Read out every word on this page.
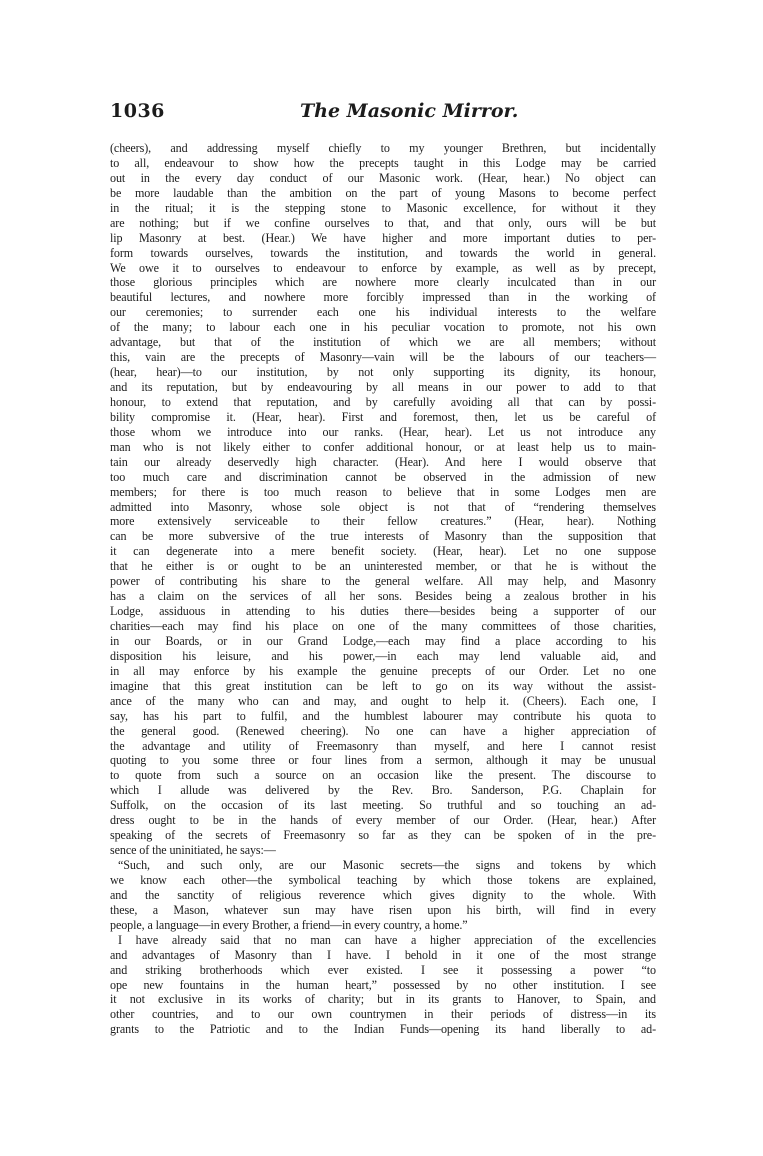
1036	The Masonic Mirror.
(cheers), and addressing myself chiefly to my younger Brethren, but incidentally
to all, endeavour to show how the precepts taught in this Lodge may be carried
out in the every day conduct of our Masonic work. (Hear, hear.) No object can
be more laudable than the ambition on the part of young Masons to become perfect
in the ritual; it is the stepping stone to Masonic excellence, for without it they
are nothing; but if we confine ourselves to that, and that only, ours will be but
lip Masonry at best. (Hear.) We have higher and more important duties to per-
form towards ourselves, towards the institution, and towards the world in general.
We owe it to ourselves to endeavour to enforce by example, as well as by precept,
those glorious principles which are nowhere more clearly inculcated than in our
beautiful lectures, and nowhere more forcibly impressed than in the working of
our ceremonies; to surrender each one his individual interests to the welfare
of the many; to labour each one in his peculiar vocation to promote, not his own
advantage, but that of the institution of which we are all members; without
this, vain are the precepts of Masonry—vain will be the labours of our teachers—
(hear, hear)—to our institution, by not only supporting its dignity, its honour,
and its reputation, but by endeavouring by all means in our power to add to that
honour, to extend that reputation, and by carefully avoiding all that can by possi-
bility compromise it. (Hear, hear). First and foremost, then, let us be careful of
those whom we introduce into our ranks. (Hear, hear). Let us not introduce any
man who is not likely either to confer additional honour, or at least help us to main-
tain our already deservedly high character. (Hear). And here I would observe that
too much care and discrimination cannot be observed in the admission of new
members; for there is too much reason to believe that in some Lodges men are
admitted into Masonry, whose sole object is not that of “rendering themselves
more extensively serviceable to their fellow creatures.” (Hear, hear). Nothing
can be more subversive of the true interests of Masonry than the supposition that
it can degenerate into a mere benefit society. (Hear, hear). Let no one suppose
that he either is or ought to be an uninterested member, or that he is without the
power of contributing his share to the general welfare. All may help, and Masonry
has a claim on the services of all her sons. Besides being a zealous brother in his
Lodge, assiduous in attending to his duties there—besides being a supporter of our
charities—each may find his place on one of the many committees of those charities,
in our Boards, or in our Grand Lodge,—each may find a place according to his
disposition his leisure, and his power,—in each may lend valuable aid, and
in all may enforce by his example the genuine precepts of our Order. Let no one
imagine that this great institution can be left to go on its way without the assist-
ance of the many who can and may, and ought to help it. (Cheers). Each one, I
say, has his part to fulfil, and the humblest labourer may contribute his quota to
the general good. (Renewed cheering). No one can have a higher appreciation of
the advantage and utility of Freemasonry than myself, and here I cannot resist
quoting to you some three or four lines from a sermon, although it may be unusual
to quote from such a source on an occasion like the present. The discourse to
which I allude was delivered by the Rev. Bro. Sanderson, P.G. Chaplain for
Suffolk, on the occasion of its last meeting. So truthful and so touching an ad-
dress ought to be in the hands of every member of our Order. (Hear, hear.) After
speaking of the secrets of Freemasonry so far as they can be spoken of in the pre-
sence of the uninitiated, he says:—
“Such, and such only, are our Masonic secrets—the signs and tokens by which
we know each other—the symbolical teaching by which those tokens are explained,
and the sanctity of religious reverence which gives dignity to the whole. With
these, a Mason, whatever sun may have risen upon his birth, will find in every
people, a language—in every Brother, a friend—in every country, a home.”
I have already said that no man can have a higher appreciation of the excellencies
and advantages of Masonry than I have. I behold in it one of the most strange
and striking brotherhoods which ever existed. I see it possessing a power “to
ope new fountains in the human heart,” possessed by no other institution. I see
it not exclusive in its works of charity; but in its grants to Hanover, to Spain, and
other countries, and to our own countrymen in their periods of distress—in its
grants to the Patriotic and to the Indian Funds—opening its hand liberally to ad-
